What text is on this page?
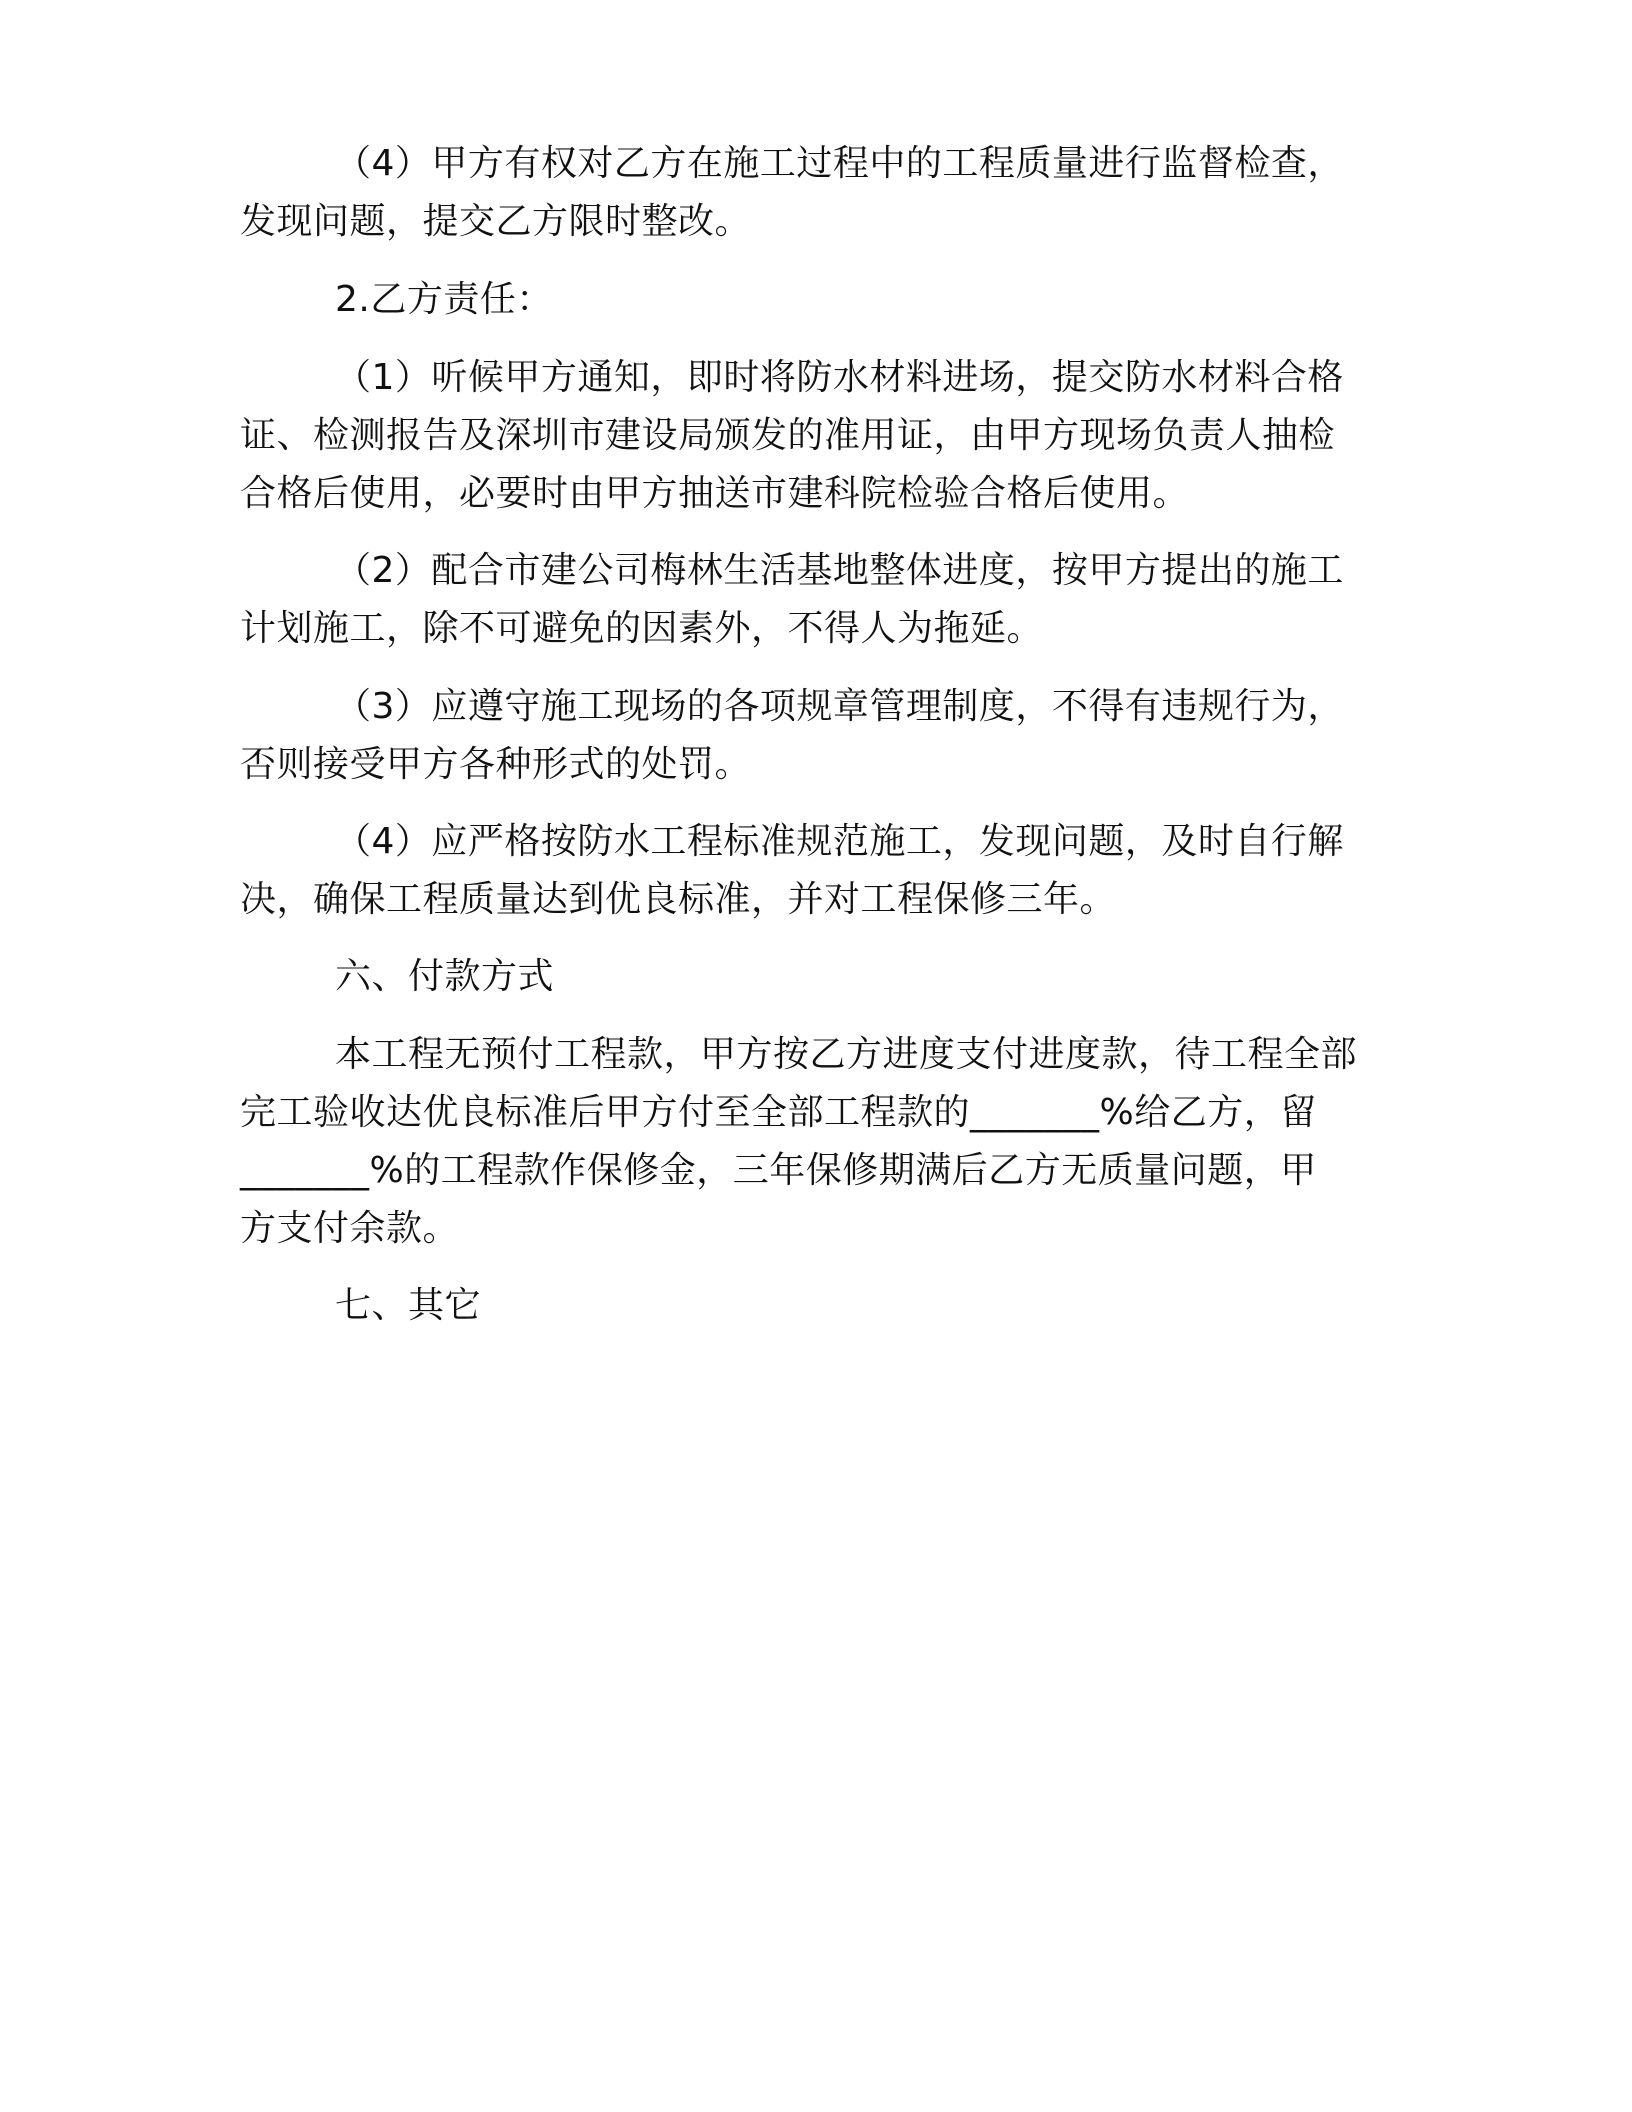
（4）甲方有权对乙方在施工过程中的工程质量进行监督检查，
发现问题，提交乙方限时整改。
2.乙方责任：
（1）听候甲方通知，即时将防水材料进场，提交防水材料合格
证、检测报告及深圳市建设局颁发的准用证，由甲方现场负责人抽检
合格后使用，必要时由甲方抽送市建科院检验合格后使用。
（2）配合市建公司梅林生活基地整体进度，按甲方提出的施工
计划施工，除不可避免的因素外，不得人为拖延。
（3）应遵守施工现场的各项规章管理制度，不得有违规行为，
否则接受甲方各种形式的处罚。
（4）应严格按防水工程标准规范施工，发现问题，及时自行解
决，确保工程质量达到优良标准，并对工程保修三年。
六、付款方式
本工程无预付工程款，甲方按乙方进度支付进度款，待工程全部
完工验收达优良标准后甲方付至全部工程款的_______%给乙方，留
_______%的工程款作保修金，三年保修期满后乙方无质量问题，甲
方支付余款。
七、其它
